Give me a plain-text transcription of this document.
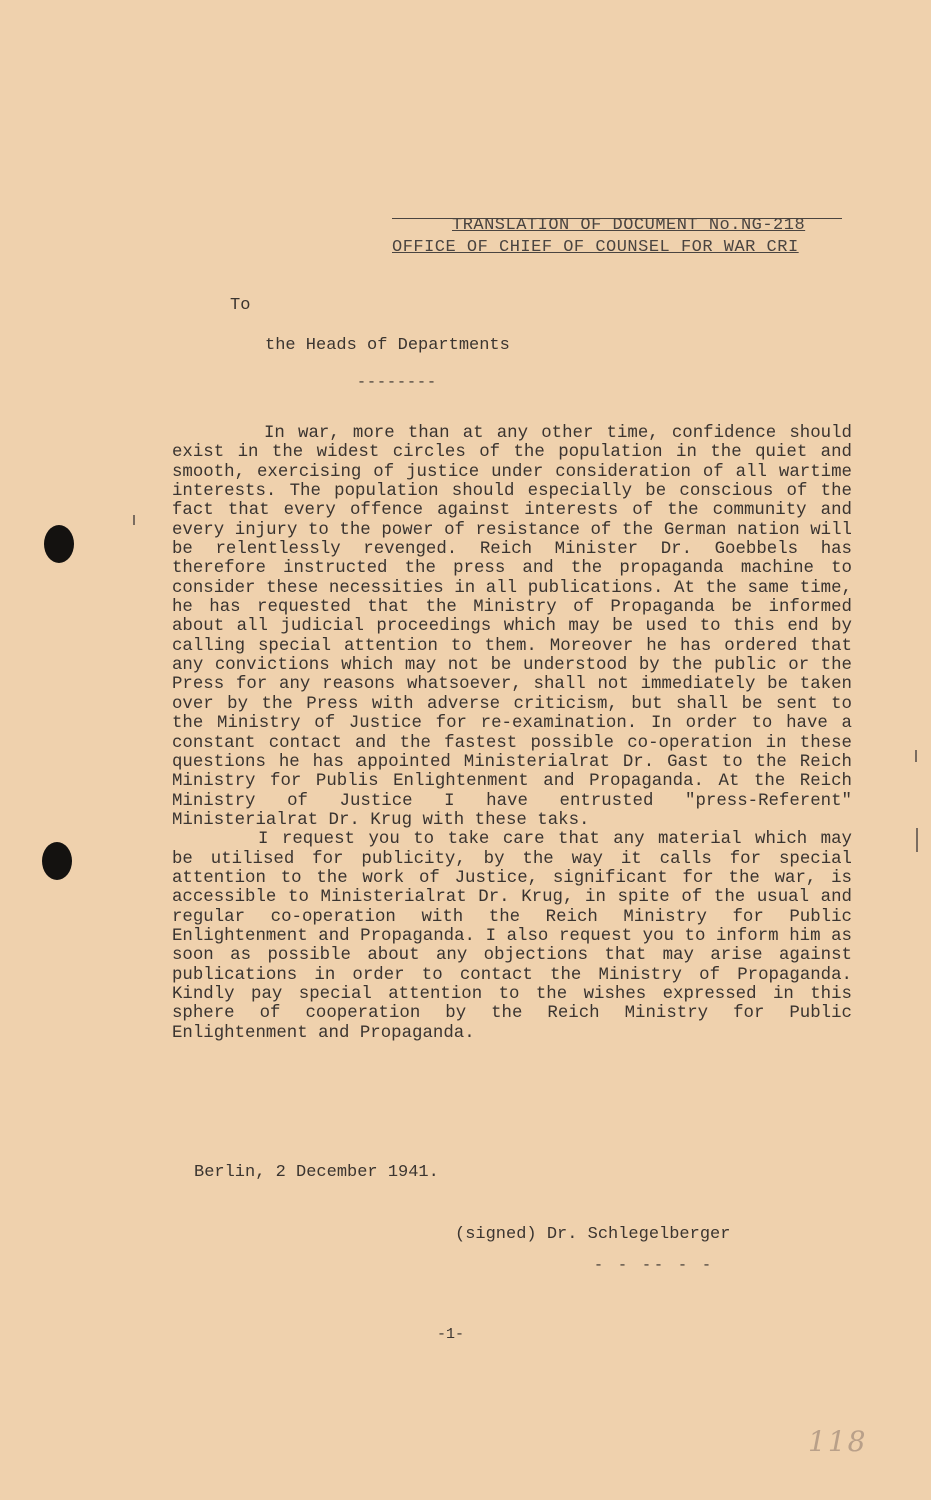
TRANSLATION OF DOCUMENT No.NG-218
OFFICE OF CHIEF OF COUNSEL FOR WAR CRI
To
the Heads of Departments
--------

In war, more than at any other time, confidence should exist in the widest circles of the population in the quiet and smooth, exercising of justice under consideration of all wartime interests. The population should especially be conscious of the fact that every offence against interests of the community and every injury to the power of resistance of the German nation will be relentlessly revenged. Reich Minister Dr. Goebbels has therefore instructed the press and the propaganda machine to consider these necessities in all publications. At the same time, he has requested that the Ministry of Propaganda be informed about all judicial proceedings which may be used to this end by calling special attention to them. Moreover he has ordered that any convictions which may not be understood by the public or the Press for any reasons whatsoever, shall not immediately be taken over by the Press with adverse criticism, but shall be sent to the Ministry of Justice for re-examination. In order to have a constant contact and the fastest possible co-operation in these questions he has appointed Ministerialrat Dr. Gast to the Reich Ministry for Publis Enlightenment and Propaganda. At the Reich Ministry of Justice I have entrusted "press-Referent" Ministerialrat Dr. Krug with these taks.

I request you to take care that any material which may be utilised for publicity, by the way it calls for special attention to the work of Justice, significant for the war, is accessible to Ministerialrat Dr. Krug, in spite of the usual and regular co-operation with the Reich Ministry for Public Enlightenment and Propaganda. I also request you to inform him as soon as possible about any objections that may arise against publications in order to contact the Ministry of Propaganda. Kindly pay special attention to the wishes expressed in this sphere of cooperation by the Reich Ministry for Public Enlightenment and Propaganda.

Berlin, 2 December 1941.
(signed) Dr. Schlegelberger
- - -- - -
-1-
118
